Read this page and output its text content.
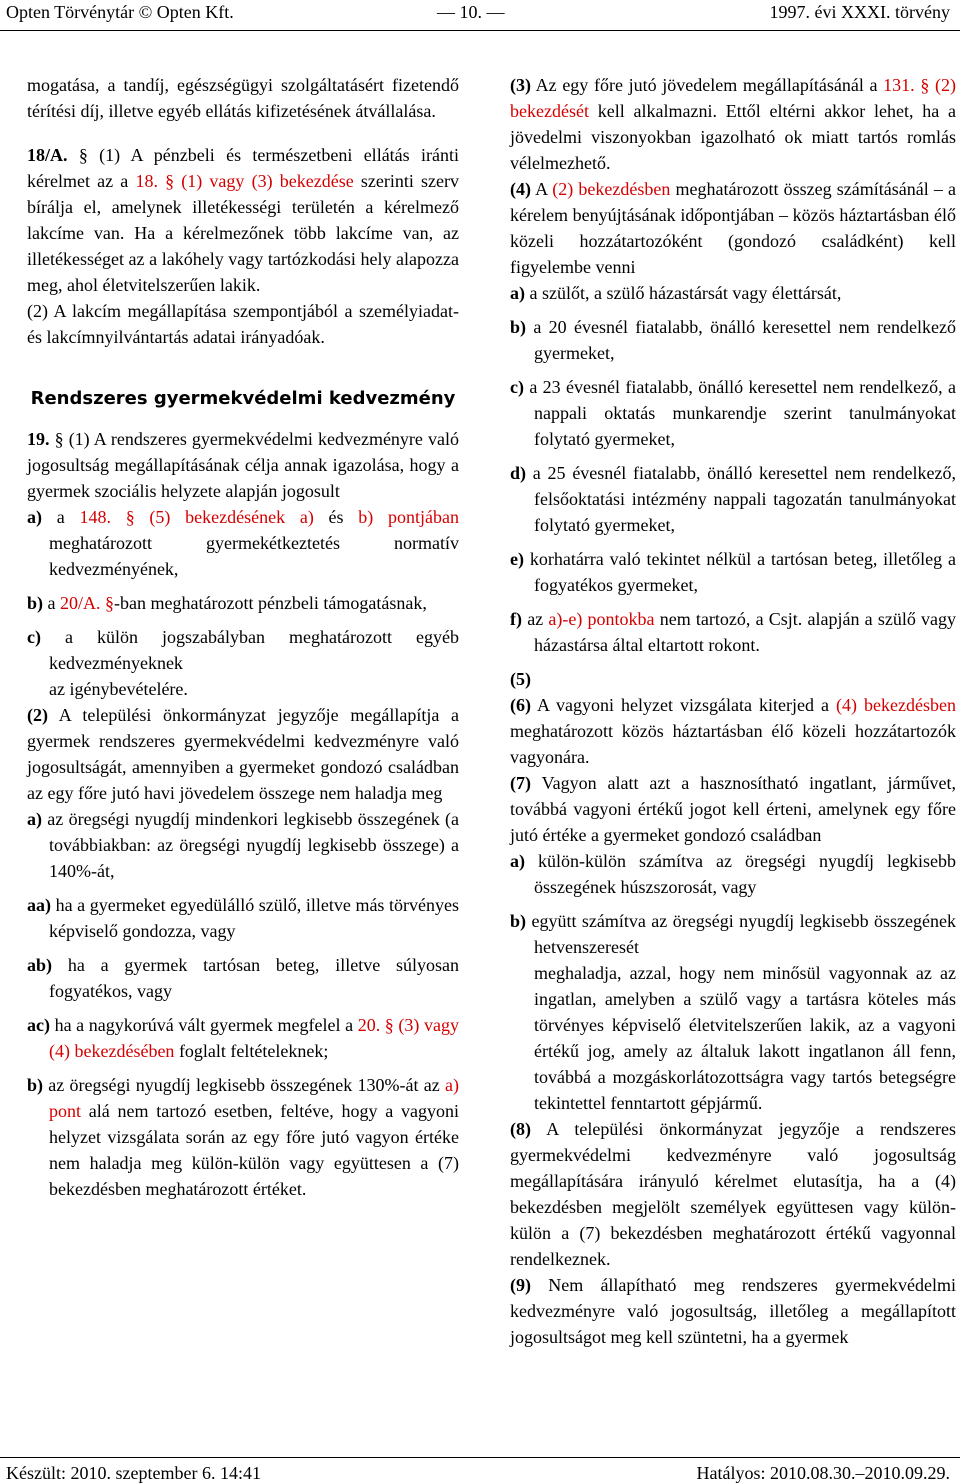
Opten Törvénytár © Opten Kft.	— 10. —	1997. évi XXXI. törvény

mogatása, a tandíj, egészségügyi szolgáltatásért fizetendő térítési díj, illetve egyéb ellátás kifizetésének átvállalása.

18/A. § (1) A pénzbeli és természetbeni ellátás iránti kérelmet az a 18. § (1) vagy (3) bekezdése szerinti szerv bírálja el, amelynek illetékességi területén a kérelmező lakcíme van. Ha a kérelmezőnek több lakcíme van, az illetékességet az a lakóhely vagy tartózkodási hely alapozza meg, ahol életvitelszerűen lakik.

(2) A lakcím megállapítása szempontjából a személyiadat- és lakcímnyilvántartás adatai irányadóak.

Rendszeres gyermekvédelmi kedvezmény

19. § (1) A rendszeres gyermekvédelmi kedvezményre való jogosultság megállapításának célja annak igazolása, hogy a gyermek szociális helyzete alapján jogosult

a) a 148. § (5) bekezdésének a) és b) pontjában meghatározott gyermekétkeztetés normatív kedvezményének,

b) a 20/A. §-ban meghatározott pénzbeli támogatásnak,

c) a külön jogszabályban meghatározott egyéb kedvezményeknek

az igénybevételére.

(2) A települési önkormányzat jegyzője megállapítja a gyermek rendszeres gyermekvédelmi kedvezményre való jogosultságát, amennyiben a gyermeket gondozó családban az egy főre jutó havi jövedelem összege nem haladja meg

a) az öregségi nyugdíj mindenkori legkisebb összegének (a továbbiakban: az öregségi nyugdíj legkisebb összege) a 140%-át,

aa) ha a gyermeket egyedülálló szülő, illetve más törvényes képviselő gondozza, vagy

ab) ha a gyermek tartósan beteg, illetve súlyosan fogyatékos, vagy

ac) ha a nagykorúvá vált gyermek megfelel a 20. § (3) vagy (4) bekezdésében foglalt feltételeknek;

b) az öregségi nyugdíj legkisebb összegének 130%-át az a) pont alá nem tartozó esetben, feltéve, hogy a vagyoni helyzet vizsgálata során az egy főre jutó vagyon értéke nem haladja meg külön-külön vagy együttesen a (7) bekezdésben meghatározott értéket.

(3) Az egy főre jutó jövedelem megállapításánál a 131. § (2) bekezdését kell alkalmazni. Ettől eltérni akkor lehet, ha a jövedelmi viszonyokban igazolható ok miatt tartós romlás vélelmezhető.

(4) A (2) bekezdésben meghatározott összeg számításánál – a kérelem benyújtásának időpontjában – közös háztartásban élő közeli hozzátartozóként (gondozó családként) kell figyelembe venni

a) a szülőt, a szülő házastársát vagy élettársát,

b) a 20 évesnél fiatalabb, önálló keresettel nem rendelkező gyermeket,

c) a 23 évesnél fiatalabb, önálló keresettel nem rendelkező, a nappali oktatás munkarendje szerint tanulmányokat folytató gyermeket,

d) a 25 évesnél fiatalabb, önálló keresettel nem rendelkező, felsőoktatási intézmény nappali tagozatán tanulmányokat folytató gyermeket,

e) korhatárra való tekintet nélkül a tartósan beteg, illetőleg a fogyatékos gyermeket,

f) az a)-e) pontokba nem tartozó, a Csjt. alapján a szülő vagy házastársa által eltartott rokont.

(5)

(6) A vagyoni helyzet vizsgálata kiterjed a (4) bekezdésben meghatározott közös háztartásban élő közeli hozzátartozók vagyonára.

(7) Vagyon alatt azt a hasznosítható ingatlant, járművet, továbbá vagyoni értékű jogot kell érteni, amelynek egy főre jutó értéke a gyermeket gondozó családban

a) külön-külön számítva az öregségi nyugdíj legkisebb összegének húszszorosát, vagy

b) együtt számítva az öregségi nyugdíj legkisebb összegének hetvenszeresét

meghaladja, azzal, hogy nem minősül vagyonnak az az ingatlan, amelyben a szülő vagy a tartásra köteles más törvényes képviselő életvitelszerűen lakik, az a vagyoni értékű jog, amely az általuk lakott ingatlanon áll fenn, továbbá a mozgáskorlátozottságra vagy tartós betegségre tekintettel fenntartott gépjármű.

(8) A települési önkormányzat jegyzője a rendszeres gyermekvédelmi kedvezményre való jogosultság megállapítására irányuló kérelmet elutasítja, ha a (4) bekezdésben megjelölt személyek együttesen vagy külön-külön a (7) bekezdésben meghatározott értékű vagyonnal rendelkeznek.

(9) Nem állapítható meg rendszeres gyermekvédelmi kedvezményre való jogosultság, illetőleg a megállapított jogosultságot meg kell szüntetni, ha a gyermek

Készült: 2010. szeptember 6. 14:41	Hatályos: 2010.08.30.–2010.09.29.
